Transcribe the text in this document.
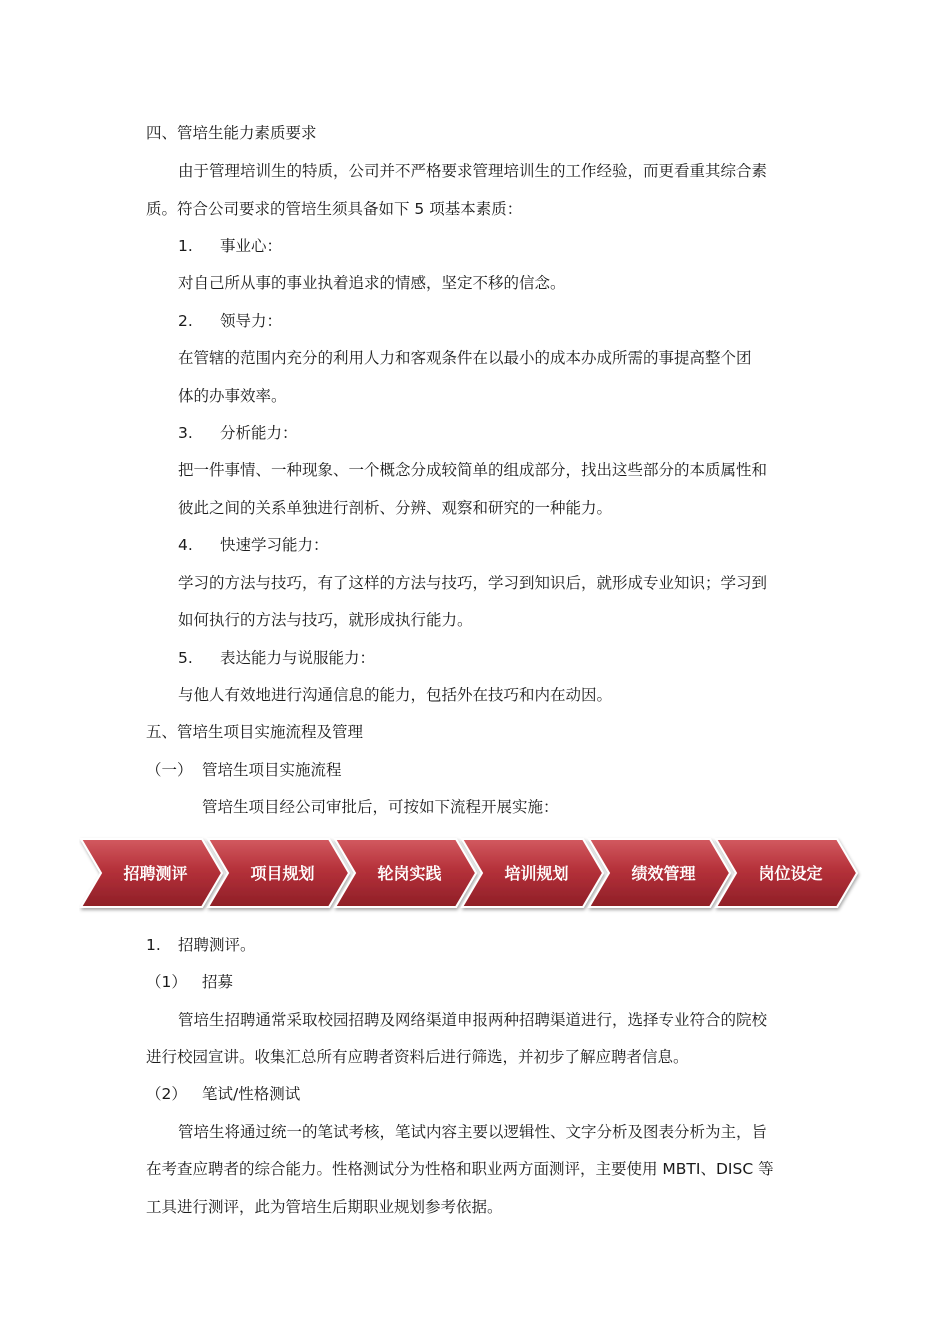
四、管培生能力素质要求
由于管理培训生的特质，公司并不严格要求管理培训生的工作经验，而更看重其综合素
质。符合公司要求的管培生须具备如下 5 项基本素质：
1. 事业心：
对自己所从事的事业执着追求的情感，坚定不移的信念。
2. 领导力：
在管辖的范围内充分的利用人力和客观条件在以最小的成本办成所需的事提高整个团
体的办事效率。
3. 分析能力：
把一件事情、一种现象、一个概念分成较简单的组成部分，找出这些部分的本质属性和
彼此之间的关系单独进行剖析、分辨、观察和研究的一种能力。
4. 快速学习能力：
学习的方法与技巧，有了这样的方法与技巧，学习到知识后，就形成专业知识；学习到
如何执行的方法与技巧，就形成执行能力。
5. 表达能力与说服能力：
与他人有效地进行沟通信息的能力，包括外在技巧和内在动因。
五、管培生项目实施流程及管理
（一） 管培生项目实施流程
管培生项目经公司审批后，可按如下流程开展实施：
招聘测评	项目规划	轮岗实践	培训规划	绩效管理	岗位设定
1. 招聘测评。
（1） 招募
管培生招聘通常采取校园招聘及网络渠道申报两种招聘渠道进行，选择专业符合的院校
进行校园宣讲。收集汇总所有应聘者资料后进行筛选，并初步了解应聘者信息。
（2） 笔试/性格测试
管培生将通过统一的笔试考核，笔试内容主要以逻辑性、文字分析及图表分析为主，旨
在考查应聘者的综合能力。性格测试分为性格和职业两方面测评，主要使用 MBTI、DISC 等
工具进行测评，此为管培生后期职业规划参考依据。
